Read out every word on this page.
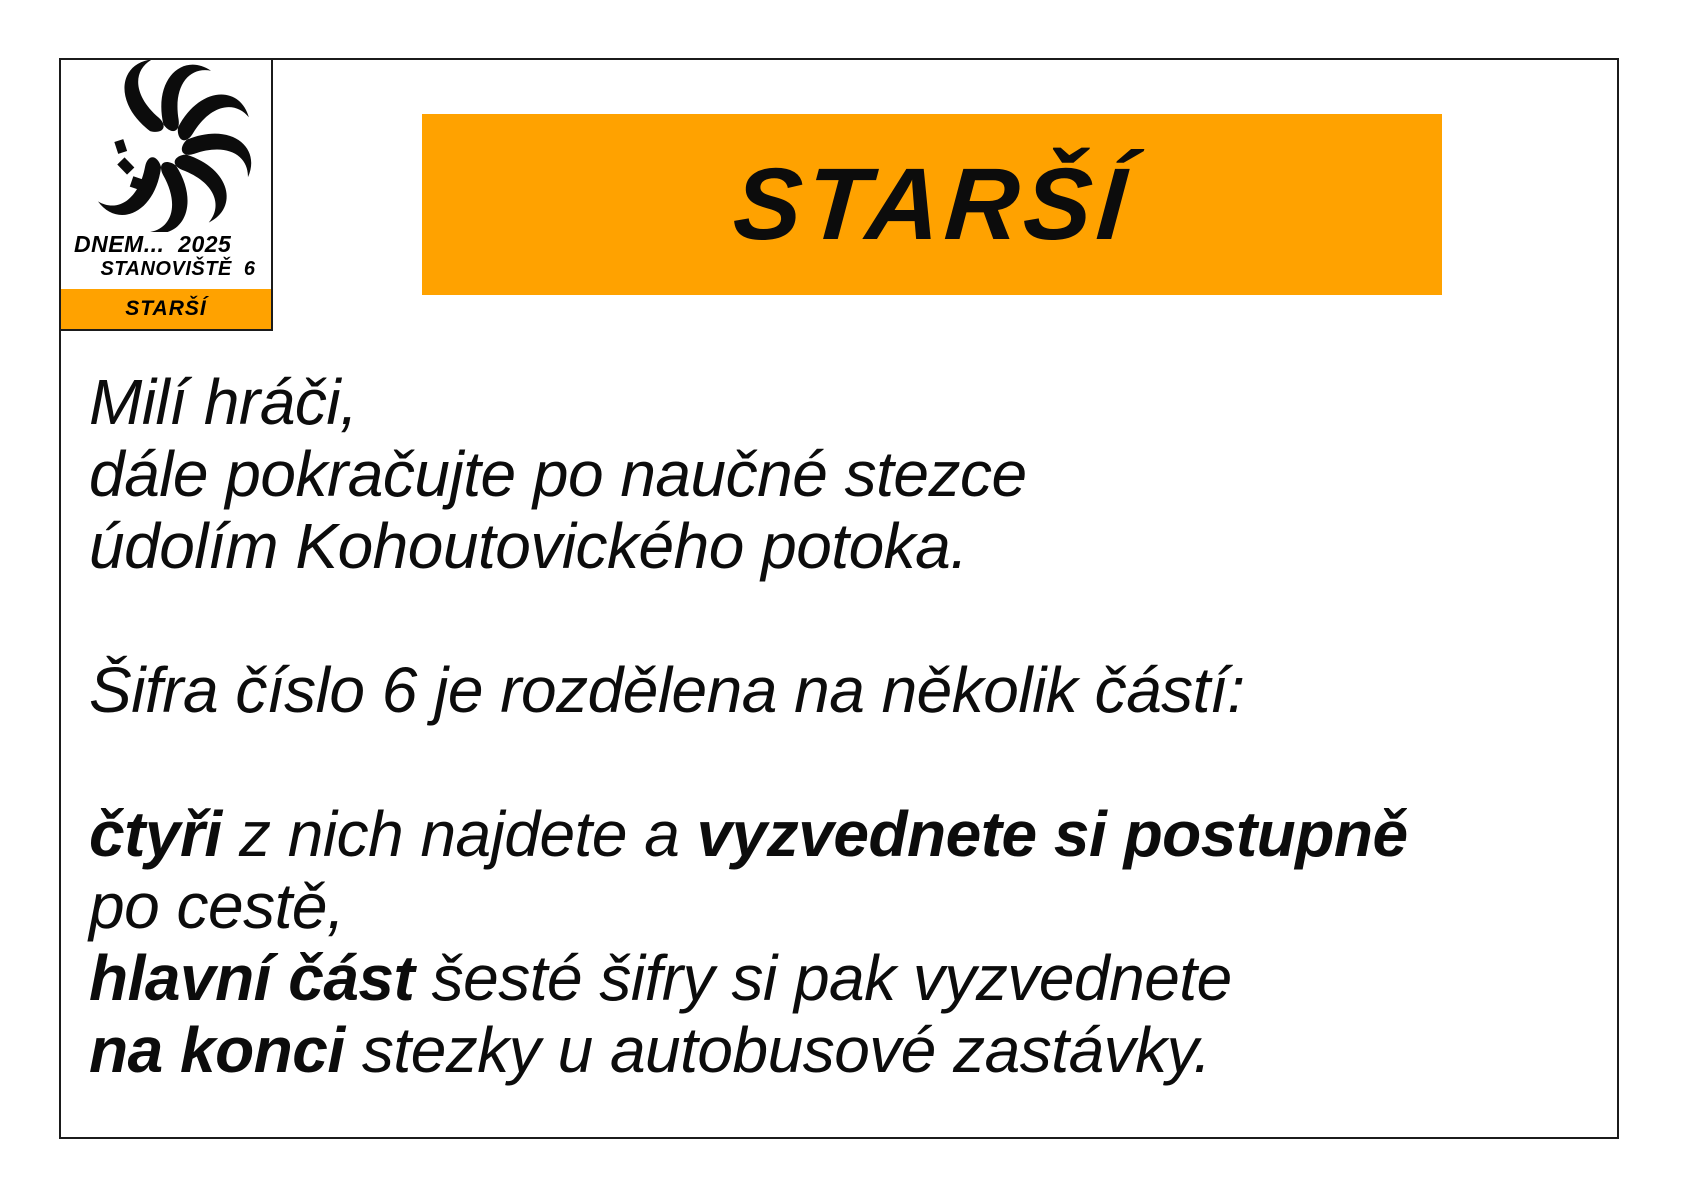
DNEM...  2025
STANOVIŠTĚ  6
STARŠÍ
STARŠÍ
Milí hráči,
dále pokračujte po naučné stezce
údolím Kohoutovického potoka.

Šifra číslo 6 je rozdělena na několik částí:

čtyři z nich najdete a vyzvednete si postupně
po cestě,
hlavní část šesté šifry si pak vyzvednete
na konci stezky u autobusové zastávky.
